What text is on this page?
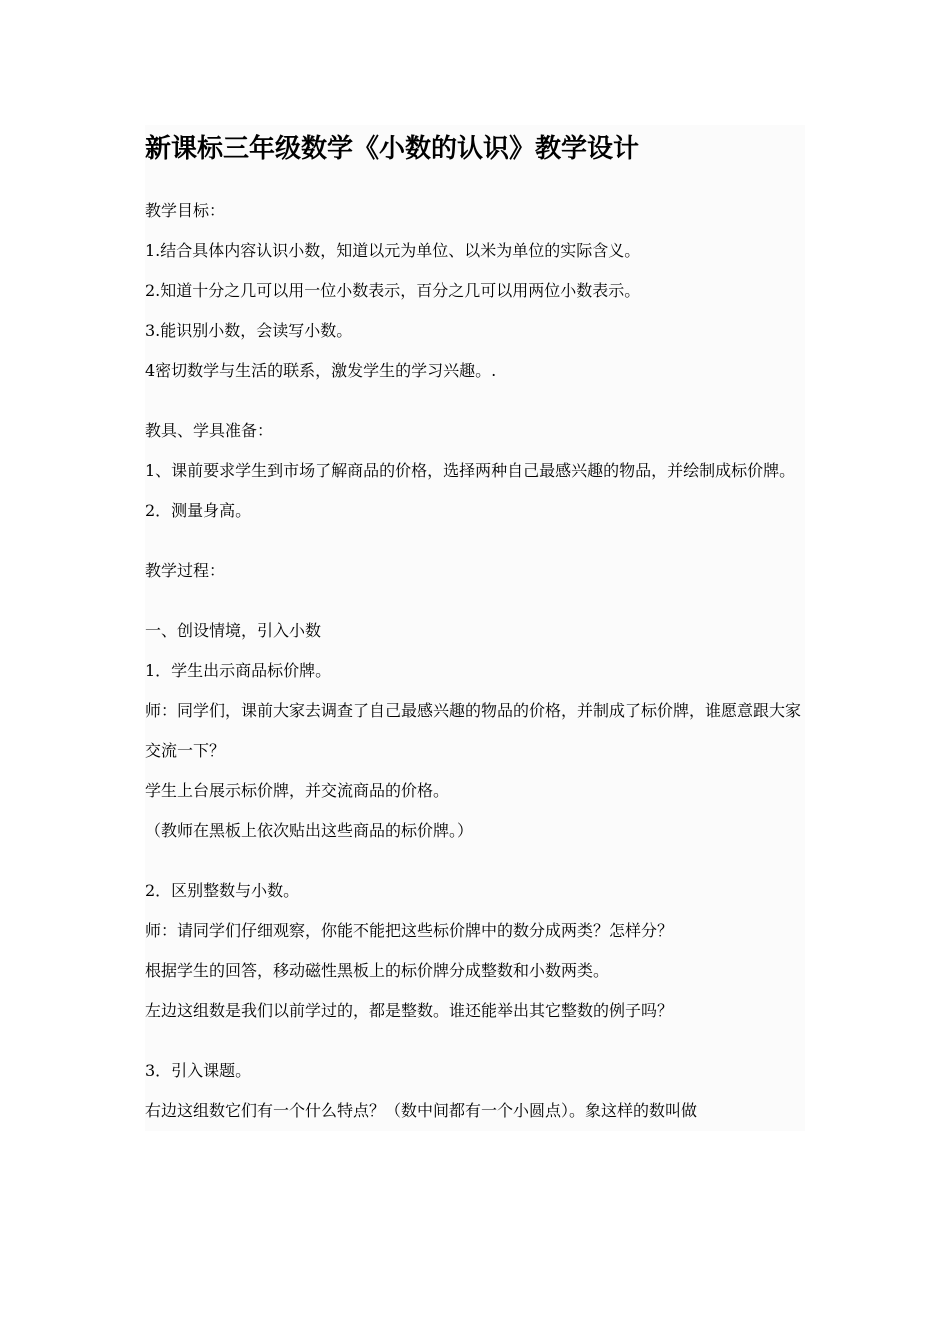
新课标三年级数学《小数的认识》教学设计
教学目标：
1.结合具体内容认识小数，知道以元为单位、以米为单位的实际含义。
2.知道十分之几可以用一位小数表示，百分之几可以用两位小数表示。
3.能识别小数，会读写小数。
4密切数学与生活的联系，激发学生的学习兴趣。.
教具、学具准备：
1、课前要求学生到市场了解商品的价格，选择两种自己最感兴趣的物品，并绘制成标价牌。
2．测量身高。
教学过程：
一、创设情境，引入小数
1．学生出示商品标价牌。
师：同学们，课前大家去调查了自己最感兴趣的物品的价格，并制成了标价牌，谁愿意跟大家交流一下？
学生上台展示标价牌，并交流商品的价格。
（教师在黑板上依次贴出这些商品的标价牌。）
2．区别整数与小数。
师：请同学们仔细观察，你能不能把这些标价牌中的数分成两类？怎样分？
根据学生的回答，移动磁性黑板上的标价牌分成整数和小数两类。
左边这组数是我们以前学过的，都是整数。谁还能举出其它整数的例子吗？
3．引入课题。
右边这组数它们有一个什么特点？（数中间都有一个小圆点）。象这样的数叫做
